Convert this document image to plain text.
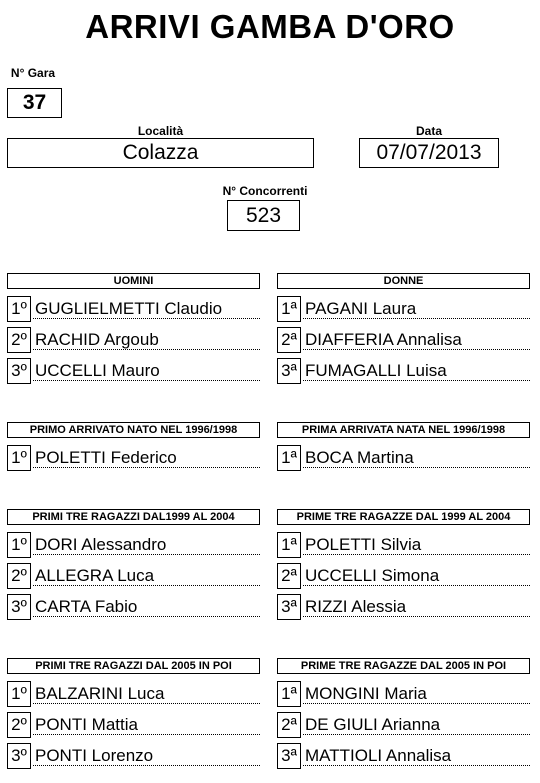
ARRIVI GAMBA D'ORO
N° Gara
37
Località
Colazza
Data
07/07/2013
N° Concorrenti
523
UOMINI
1º GUGLIELMETTI Claudio
2º RACHID Argoub
3º UCCELLI Mauro
DONNE
1ª PAGANI Laura
2ª DIAFFERIA Annalisa
3ª FUMAGALLI Luisa
PRIMO ARRIVATO NATO NEL 1996/1998
1º POLETTI Federico
PRIMA ARRIVATA NATA NEL 1996/1998
1ª BOCA Martina
PRIMI TRE RAGAZZI DAL1999 AL 2004
1º DORI Alessandro
2º ALLEGRA Luca
3º CARTA Fabio
PRIME TRE RAGAZZE DAL 1999 AL 2004
1ª POLETTI Silvia
2ª UCCELLI Simona
3ª RIZZI Alessia
PRIMI TRE RAGAZZI DAL 2005 IN POI
1º BALZARINI Luca
2º PONTI Mattia
3º PONTI Lorenzo
PRIME TRE RAGAZZE DAL 2005 IN POI
1ª MONGINI Maria
2ª DE GIULI Arianna
3ª MATTIOLI Annalisa
